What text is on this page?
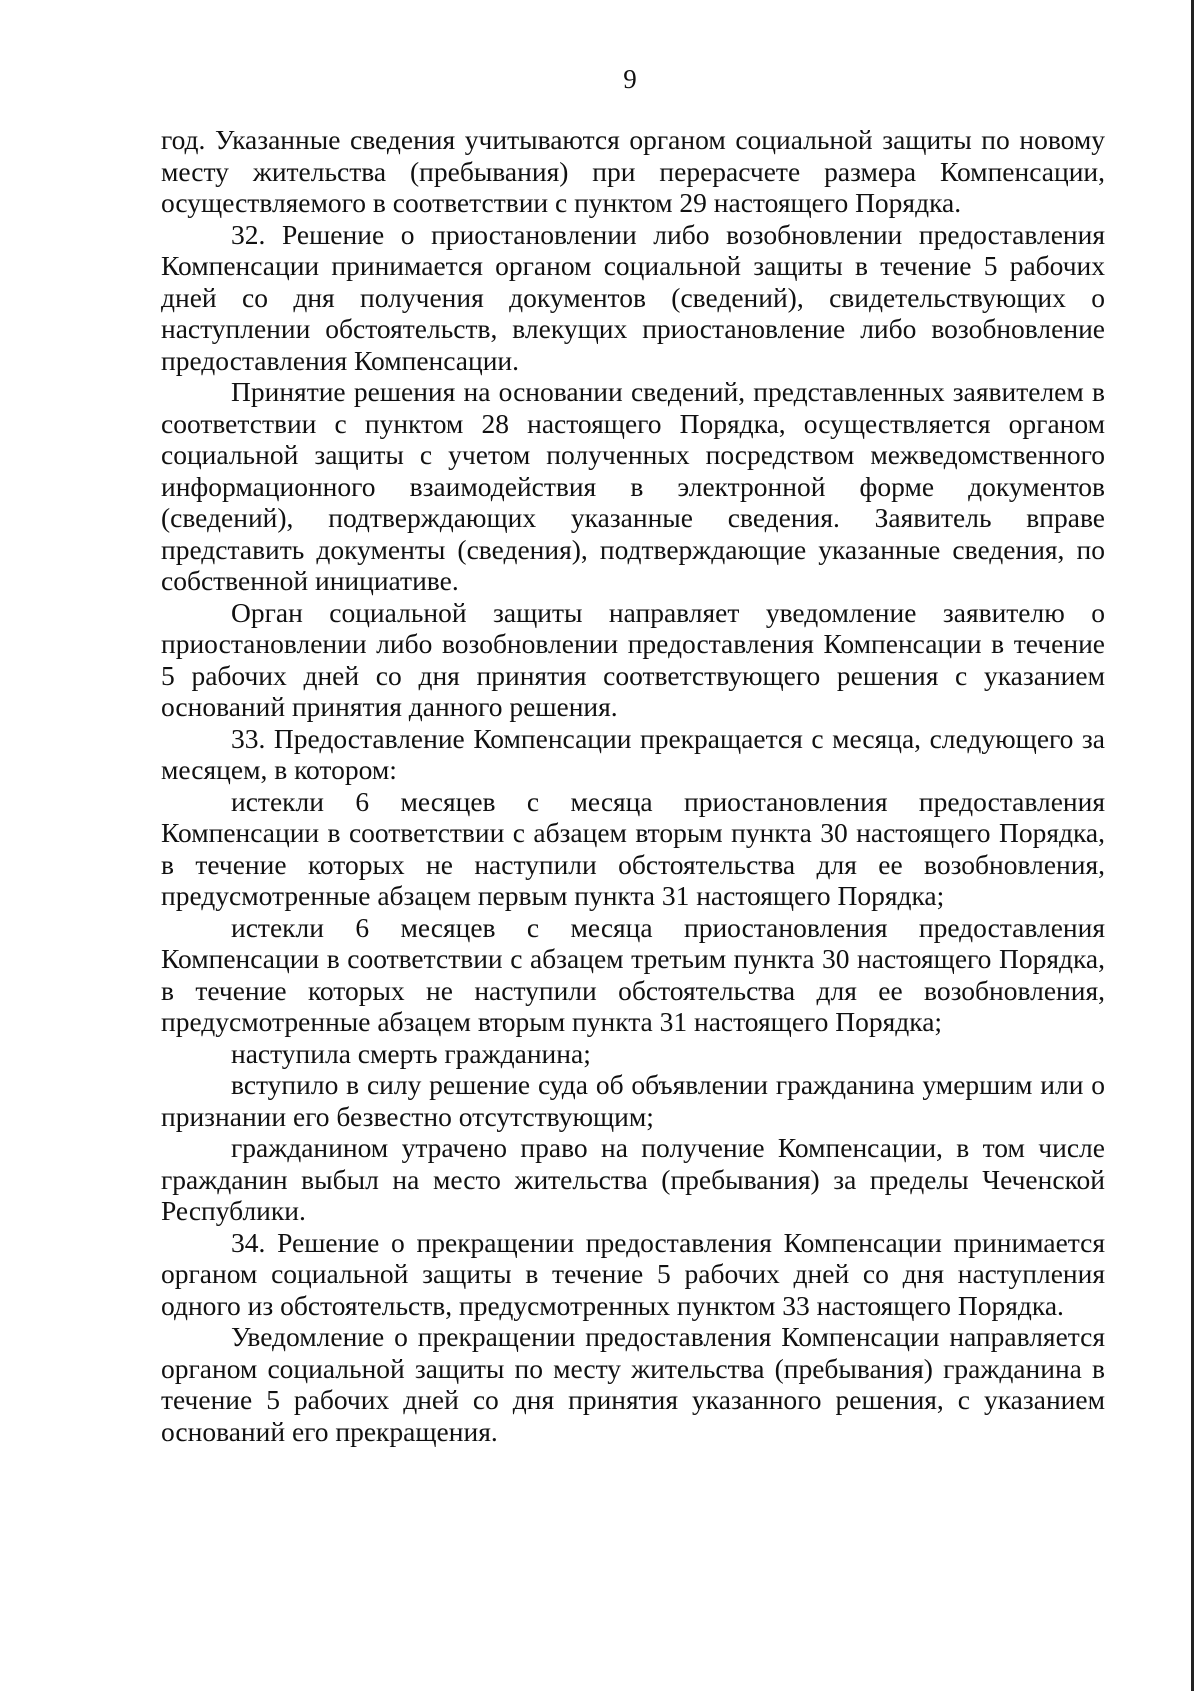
9

год. Указанные сведения учитываются органом социальной защиты по новому месту жительства (пребывания) при перерасчете размера Компенсации, осуществляемого в соответствии с пунктом 29 настоящего Порядка.

32. Решение о приостановлении либо возобновлении предоставления Компенсации принимается органом социальной защиты в течение 5 рабочих дней со дня получения документов (сведений), свидетельствующих о наступлении обстоятельств, влекущих приостановление либо возобновление предоставления Компенсации.

Принятие решения на основании сведений, представленных заявителем в соответствии с пунктом 28 настоящего Порядка, осуществляется органом социальной защиты с учетом полученных посредством межведомственного информационного взаимодействия в электронной форме документов (сведений), подтверждающих указанные сведения. Заявитель вправе представить документы (сведения), подтверждающие указанные сведения, по собственной инициативе.

Орган социальной защиты направляет уведомление заявителю о приостановлении либо возобновлении предоставления Компенсации в течение 5 рабочих дней со дня принятия соответствующего решения с указанием оснований принятия данного решения.

33. Предоставление Компенсации прекращается с месяца, следующего за месяцем, в котором:

истекли 6 месяцев с месяца приостановления предоставления Компенсации в соответствии с абзацем вторым пункта 30 настоящего Порядка, в течение которых не наступили обстоятельства для ее возобновления, предусмотренные абзацем первым пункта 31 настоящего Порядка;

истекли 6 месяцев с месяца приостановления предоставления Компенсации в соответствии с абзацем третьим пункта 30 настоящего Порядка, в течение которых не наступили обстоятельства для ее возобновления, предусмотренные абзацем вторым пункта 31 настоящего Порядка;

наступила смерть гражданина;

вступило в силу решение суда об объявлении гражданина умершим или о признании его безвестно отсутствующим;

гражданином утрачено право на получение Компенсации, в том числе гражданин выбыл на место жительства (пребывания) за пределы Чеченской Республики.

34. Решение о прекращении предоставления Компенсации принимается органом социальной защиты в течение 5 рабочих дней со дня наступления одного из обстоятельств, предусмотренных пунктом 33 настоящего Порядка.

Уведомление о прекращении предоставления Компенсации направляется органом социальной защиты по месту жительства (пребывания) гражданина в течение 5 рабочих дней со дня принятия указанного решения, с указанием оснований его прекращения.
